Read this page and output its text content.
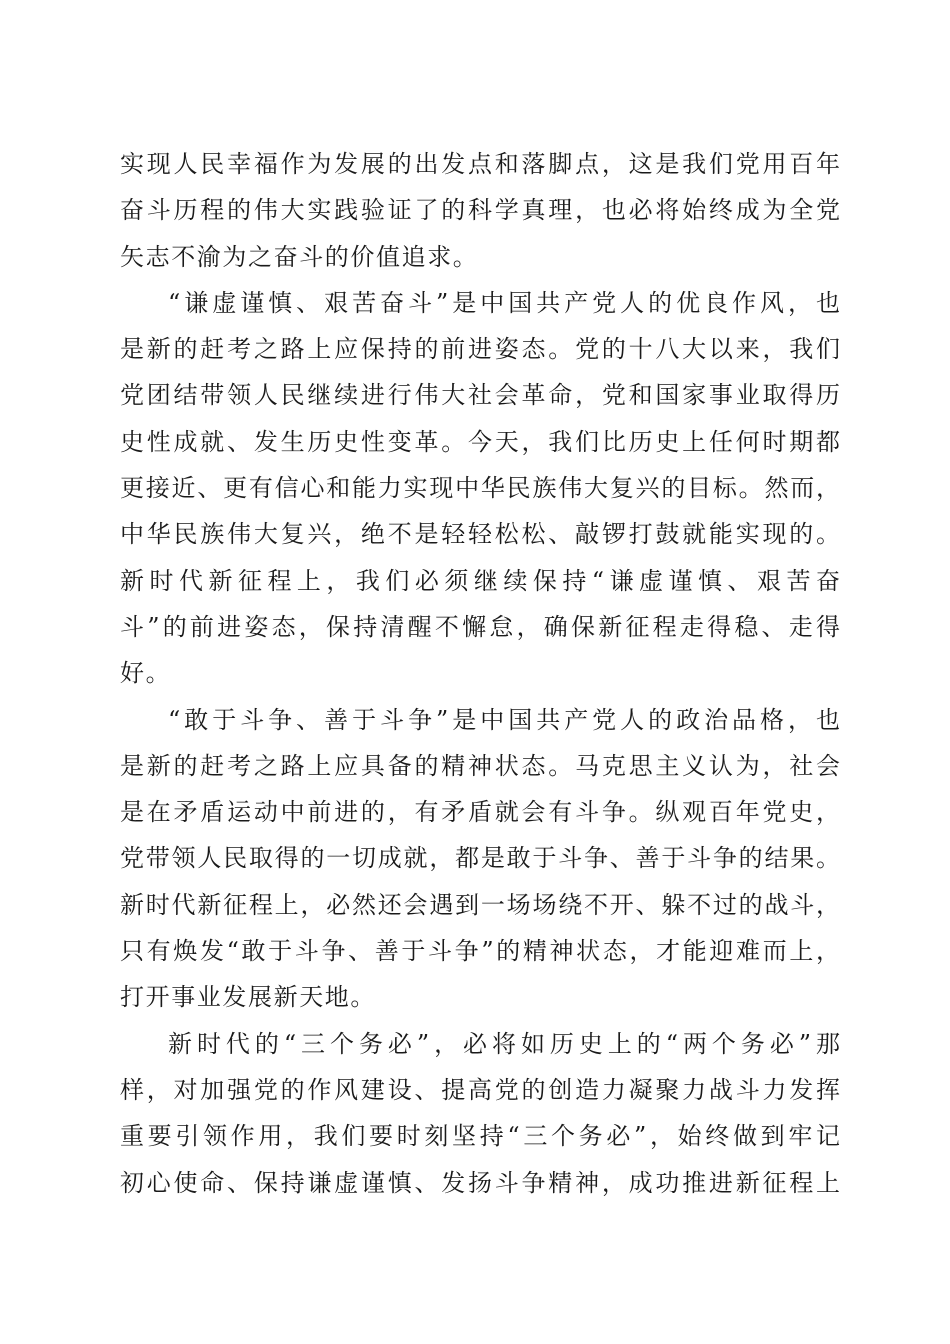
实现人民幸福作为发展的出发点和落脚点，这是我们党用百年
奋斗历程的伟大实践验证了的科学真理，也必将始终成为全党
矢志不渝为之奋斗的价值追求。
“谦虚谨慎、艰苦奋斗”是中国共产党人的优良作风，也
是新的赶考之路上应保持的前进姿态。党的十八大以来，我们
党团结带领人民继续进行伟大社会革命，党和国家事业取得历
史性成就、发生历史性变革。今天，我们比历史上任何时期都
更接近、更有信心和能力实现中华民族伟大复兴的目标。然而，
中华民族伟大复兴，绝不是轻轻松松、敲锣打鼓就能实现的。
新时代新征程上，我们必须继续保持“谦虚谨慎、艰苦奋
斗”的前进姿态，保持清醒不懈怠，确保新征程走得稳、走得
好。
“敢于斗争、善于斗争”是中国共产党人的政治品格，也
是新的赶考之路上应具备的精神状态。马克思主义认为，社会
是在矛盾运动中前进的，有矛盾就会有斗争。纵观百年党史，
党带领人民取得的一切成就，都是敢于斗争、善于斗争的结果。
新时代新征程上，必然还会遇到一场场绕不开、躲不过的战斗，
只有焕发“敢于斗争、善于斗争”的精神状态，才能迎难而上，
打开事业发展新天地。
新时代的“三个务必”，必将如历史上的“两个务必”那
样，对加强党的作风建设、提高党的创造力凝聚力战斗力发挥
重要引领作用，我们要时刻坚持“三个务必”，始终做到牢记
初心使命、保持谦虚谨慎、发扬斗争精神，成功推进新征程上
